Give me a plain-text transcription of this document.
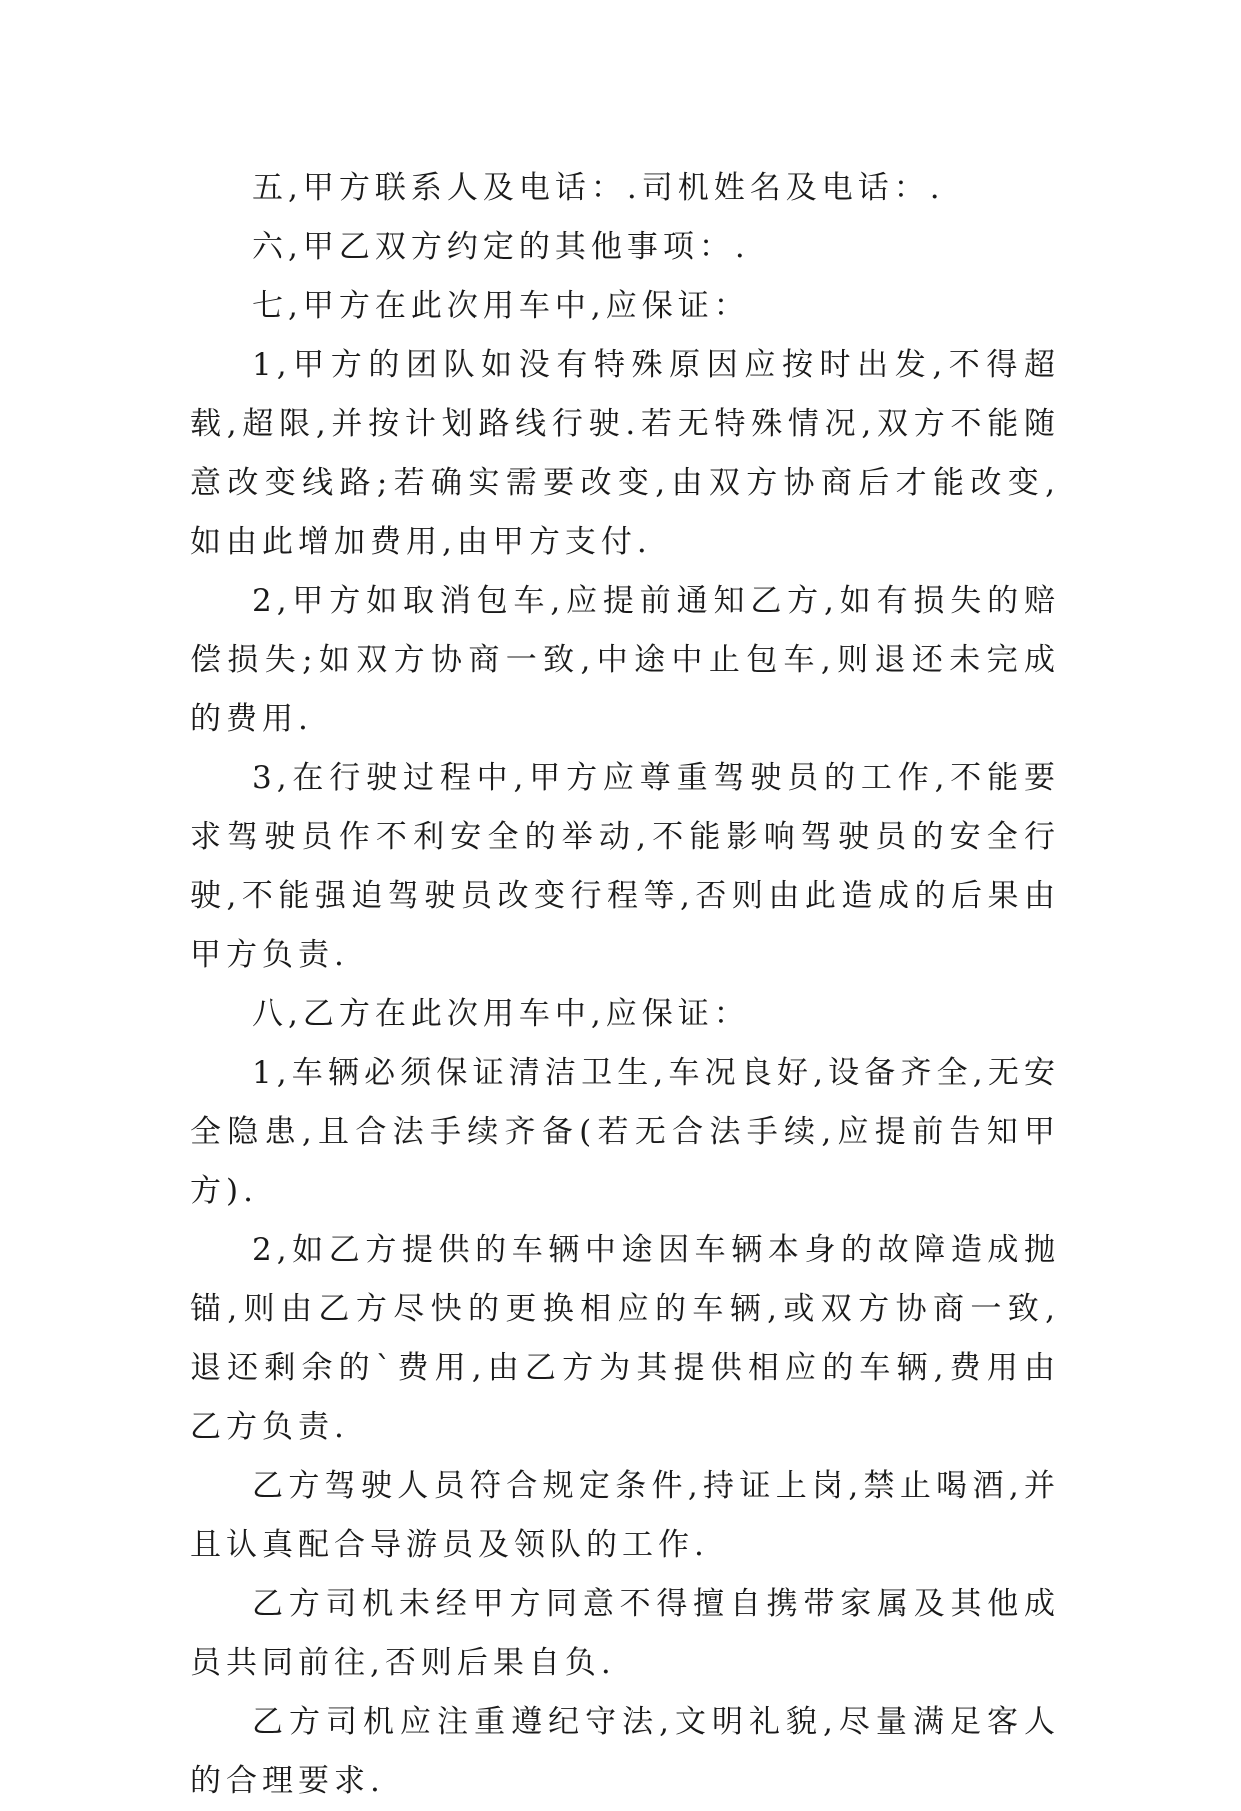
五,甲方联系人及电话：.司机姓名及电话：.

六,甲乙双方约定的其他事项：.

七,甲方在此次用车中,应保证：

1,甲方的团队如没有特殊原因应按时出发,不得超载,超限,并按计划路线行驶.若无特殊情况,双方不能随意改变线路;若确实需要改变,由双方协商后才能改变,如由此增加费用,由甲方支付.

2,甲方如取消包车,应提前通知乙方,如有损失的赔偿损失;如双方协商一致,中途中止包车,则退还未完成的费用.

3,在行驶过程中,甲方应尊重驾驶员的工作,不能要求驾驶员作不利安全的举动,不能影响驾驶员的安全行驶,不能强迫驾驶员改变行程等,否则由此造成的后果由甲方负责.

八,乙方在此次用车中,应保证：

1,车辆必须保证清洁卫生,车况良好,设备齐全,无安全隐患,且合法手续齐备(若无合法手续,应提前告知甲方).

2,如乙方提供的车辆中途因车辆本身的故障造成抛锚,则由乙方尽快的更换相应的车辆,或双方协商一致,退还剩余的`费用,由乙方为其提供相应的车辆,费用由乙方负责.

乙方驾驶人员符合规定条件,持证上岗,禁止喝酒,并且认真配合导游员及领队的工作.

乙方司机未经甲方同意不得擅自携带家属及其他成员共同前往,否则后果自负.

乙方司机应注重遵纪守法,文明礼貌,尽量满足客人的合理要求.
